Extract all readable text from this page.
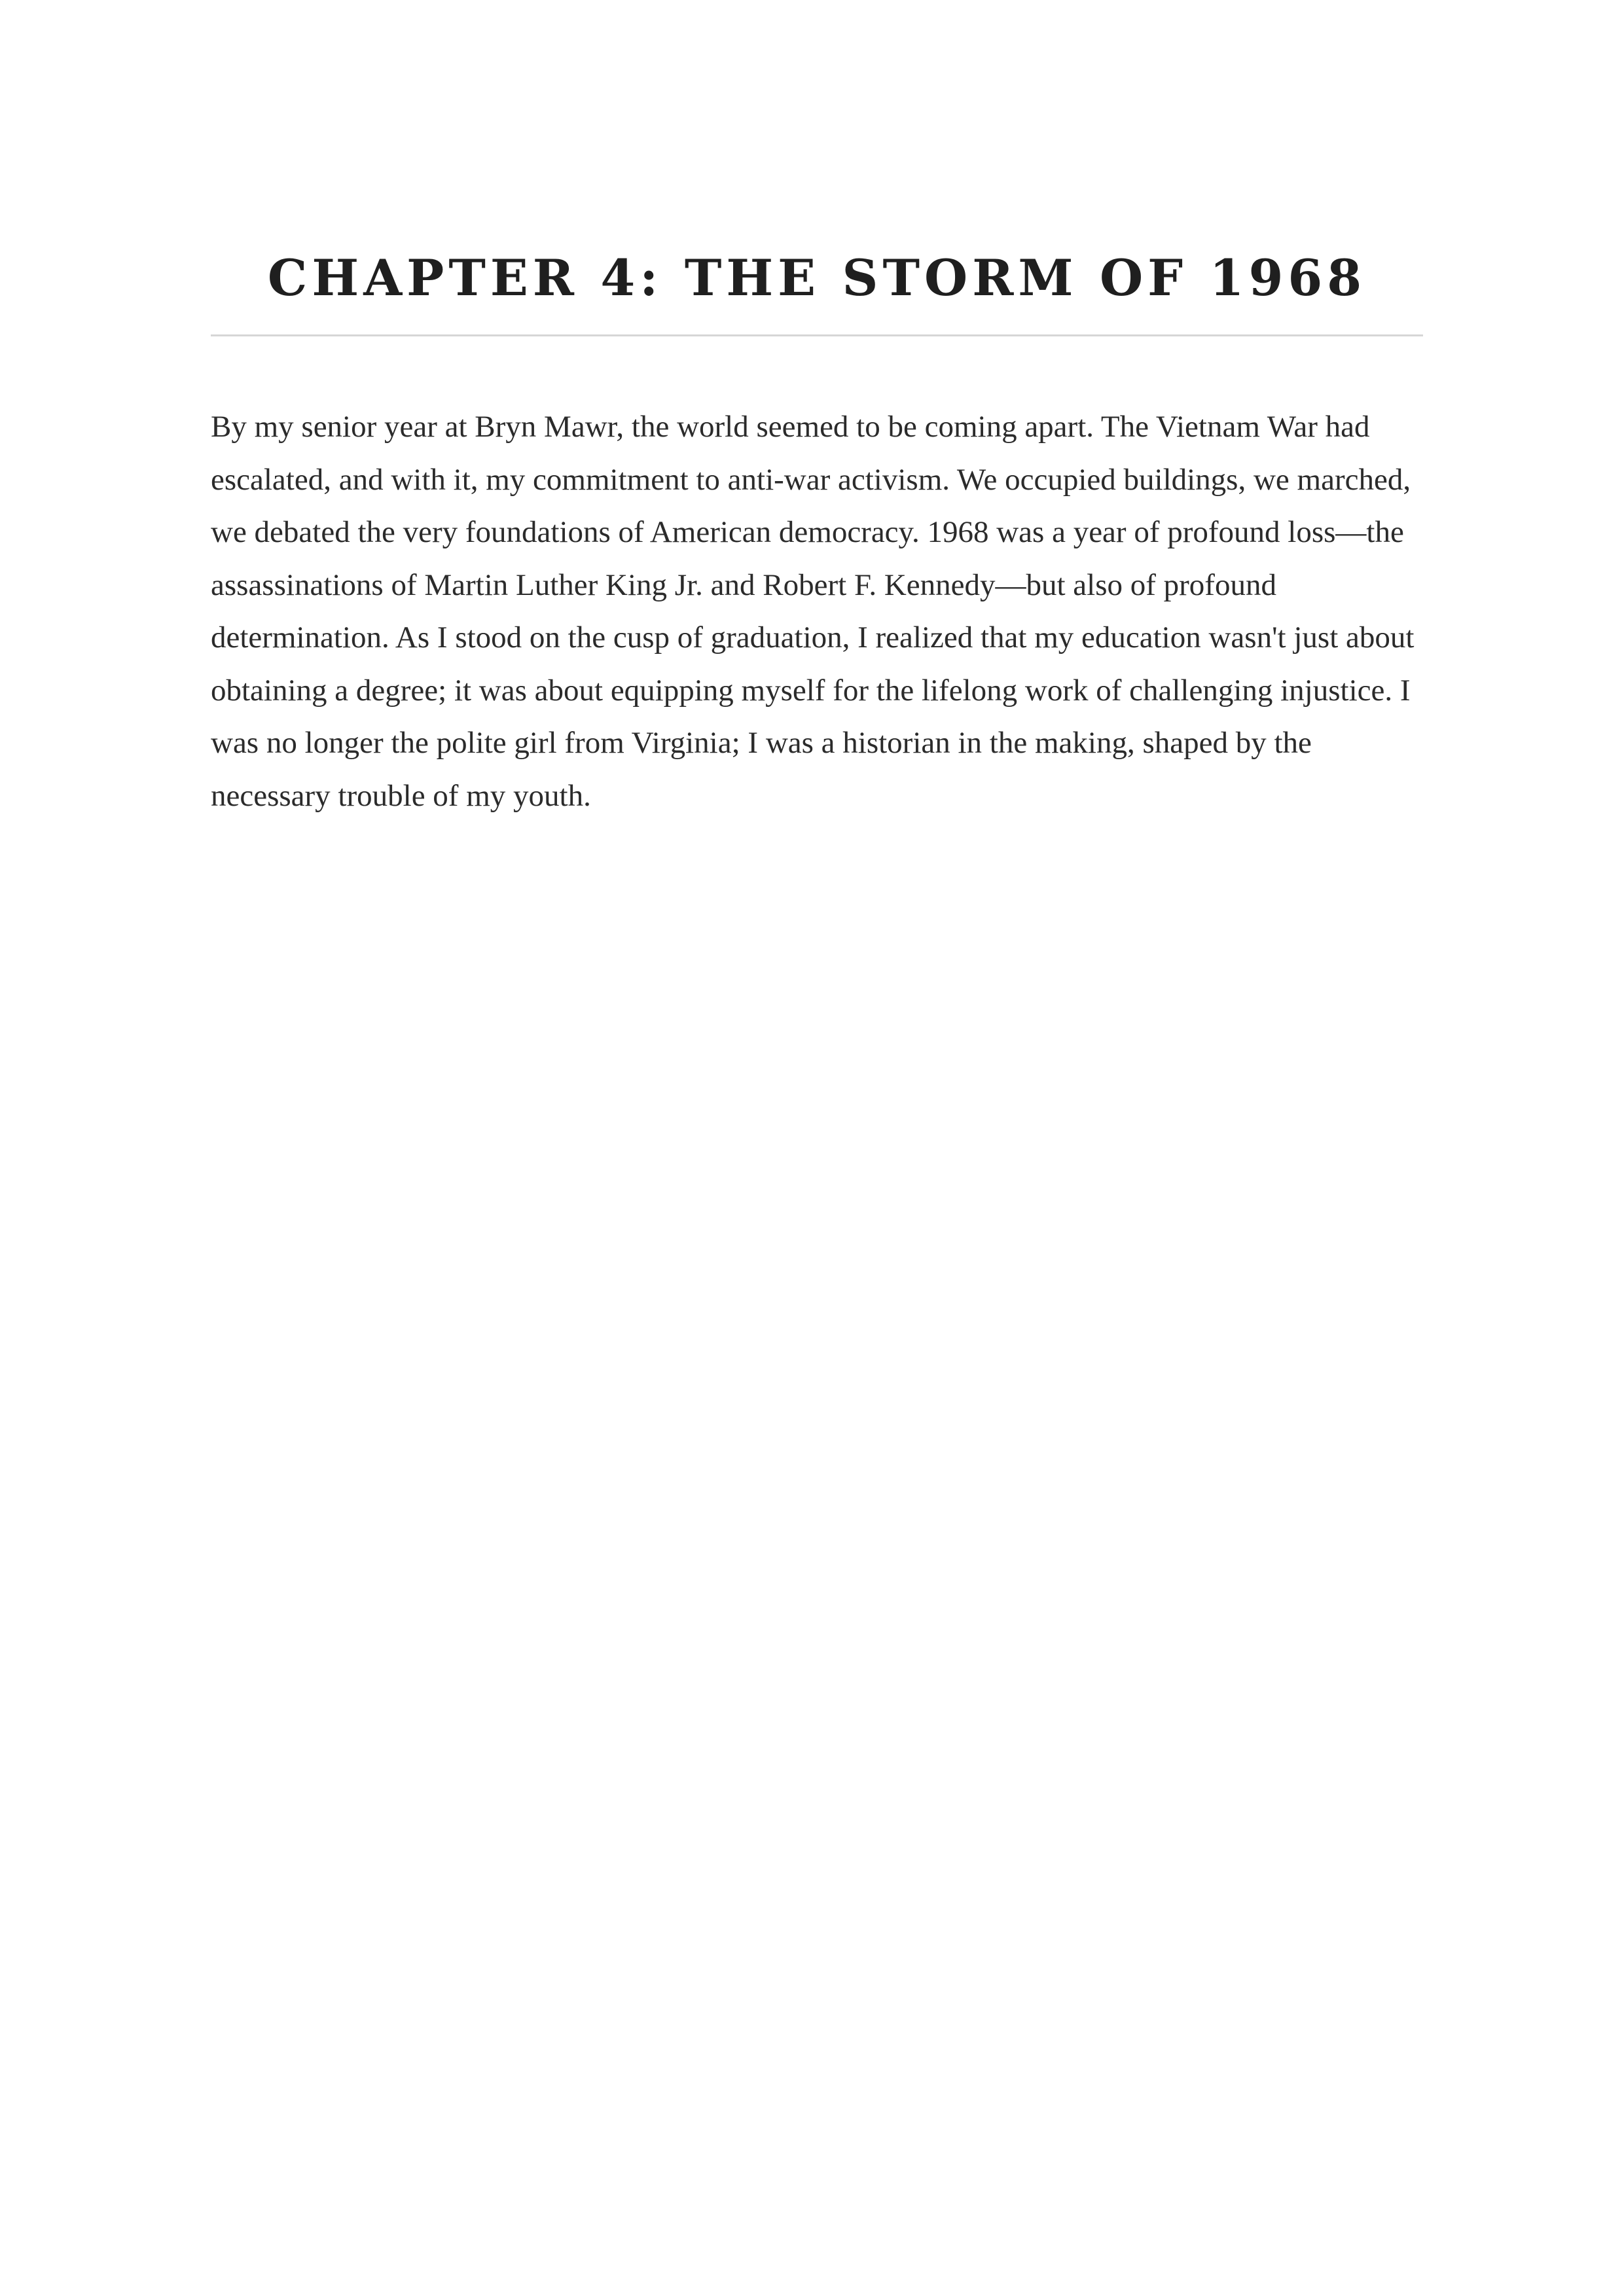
CHAPTER 4: THE STORM OF 1968

By my senior year at Bryn Mawr, the world seemed to be coming apart. The Vietnam War had escalated, and with it, my commitment to anti-war activism. We occupied buildings, we marched, we debated the very foundations of American democracy. 1968 was a year of profound loss—the assassinations of Martin Luther King Jr. and Robert F. Kennedy—but also of profound determination. As I stood on the cusp of graduation, I realized that my education wasn't just about obtaining a degree; it was about equipping myself for the lifelong work of challenging injustice. I was no longer the polite girl from Virginia; I was a historian in the making, shaped by the necessary trouble of my youth.
